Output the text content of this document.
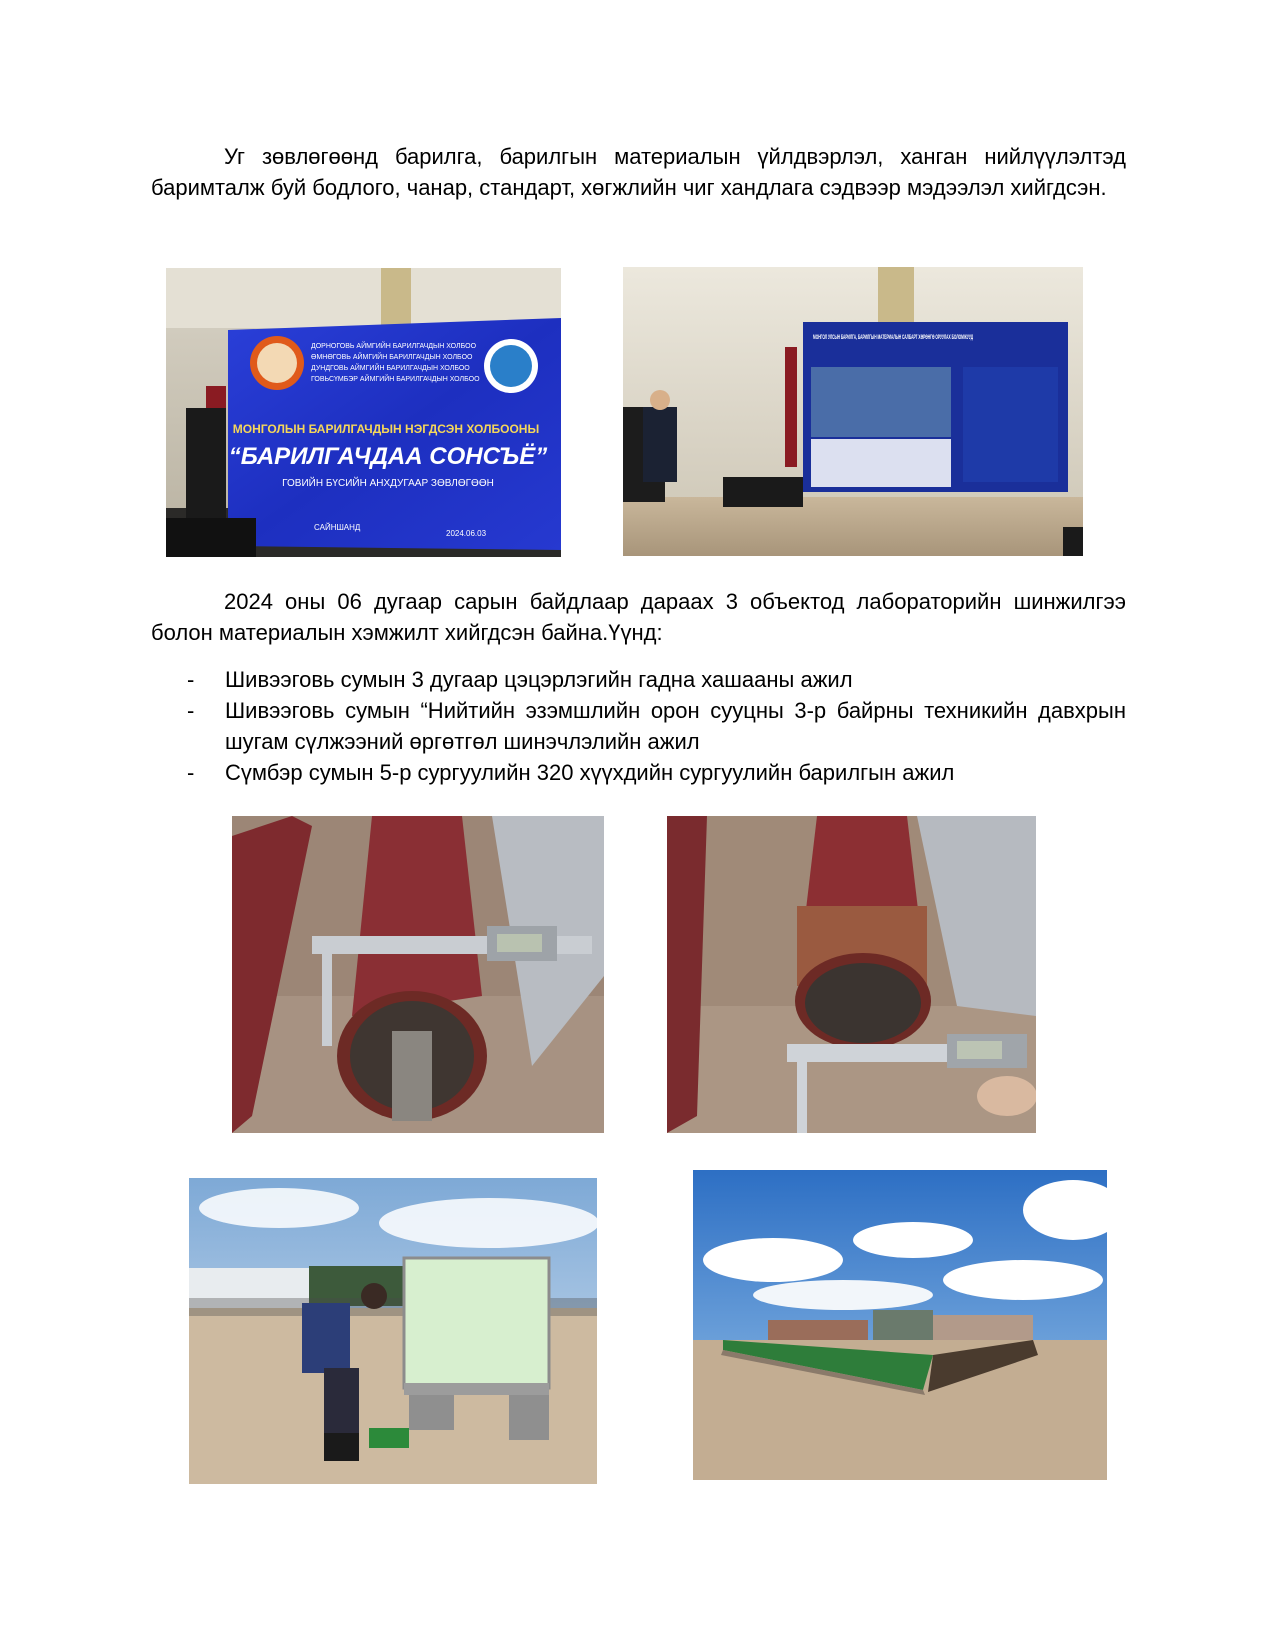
Уг зөвлөгөөнд барилга, барилгын материалын үйлдвэрлэл, ханган нийлүүлэлтэд баримталж буй бодлого, чанар, стандарт, хөгжлийн чиг хандлага сэдвээр мэдээлэл хийгдсэн.
ДОРНОГОВЬ АЙМГИЙН БАРИЛГАЧДЫН ХОЛБОО
ӨМНӨГОВЬ АЙМГИЙН БАРИЛГАЧДЫН ХОЛБОО
ДУНДГОВЬ АЙМГИЙН БАРИЛГАЧДЫН ХОЛБОО
ГОВЬСҮМБЭР АЙМГИЙН БАРИЛГАЧДЫН ХОЛБОО
МОНГОЛЫН БАРИЛГАЧДЫН НЭГДСЭН ХОЛБООНЫ
“БАРИЛГАЧДАА СОНСЪЁ”
ГОВИЙН БҮСИЙН АНХДУГААР ЗӨВЛӨГӨӨН
САЙНШАНД
2024.06.03
МОНГОЛ УЛСЫН БАРИЛГА, БАРИЛГЫН МАТЕРИАЛЫН САЛБАРТ ХӨРӨНГӨ ОРУУЛАХ БОЛОМЖУУД
2024 оны 06 дугаар сарын байдлаар дараах 3 объектод лабораторийн шинжилгээ болон материалын хэмжилт хийгдсэн байна.Үүнд:
- Шивээговь сумын 3 дугаар цэцэрлэгийн гадна хашааны ажил
- Шивээговь сумын “Нийтийн эзэмшлийн орон сууцны 3-р байрны техникийн давхрын шугам сүлжээний өргөтгөл шинэчлэлийн ажил
- Сүмбэр сумын 5-р сургуулийн 320 хүүхдийн сургуулийн барилгын ажил
